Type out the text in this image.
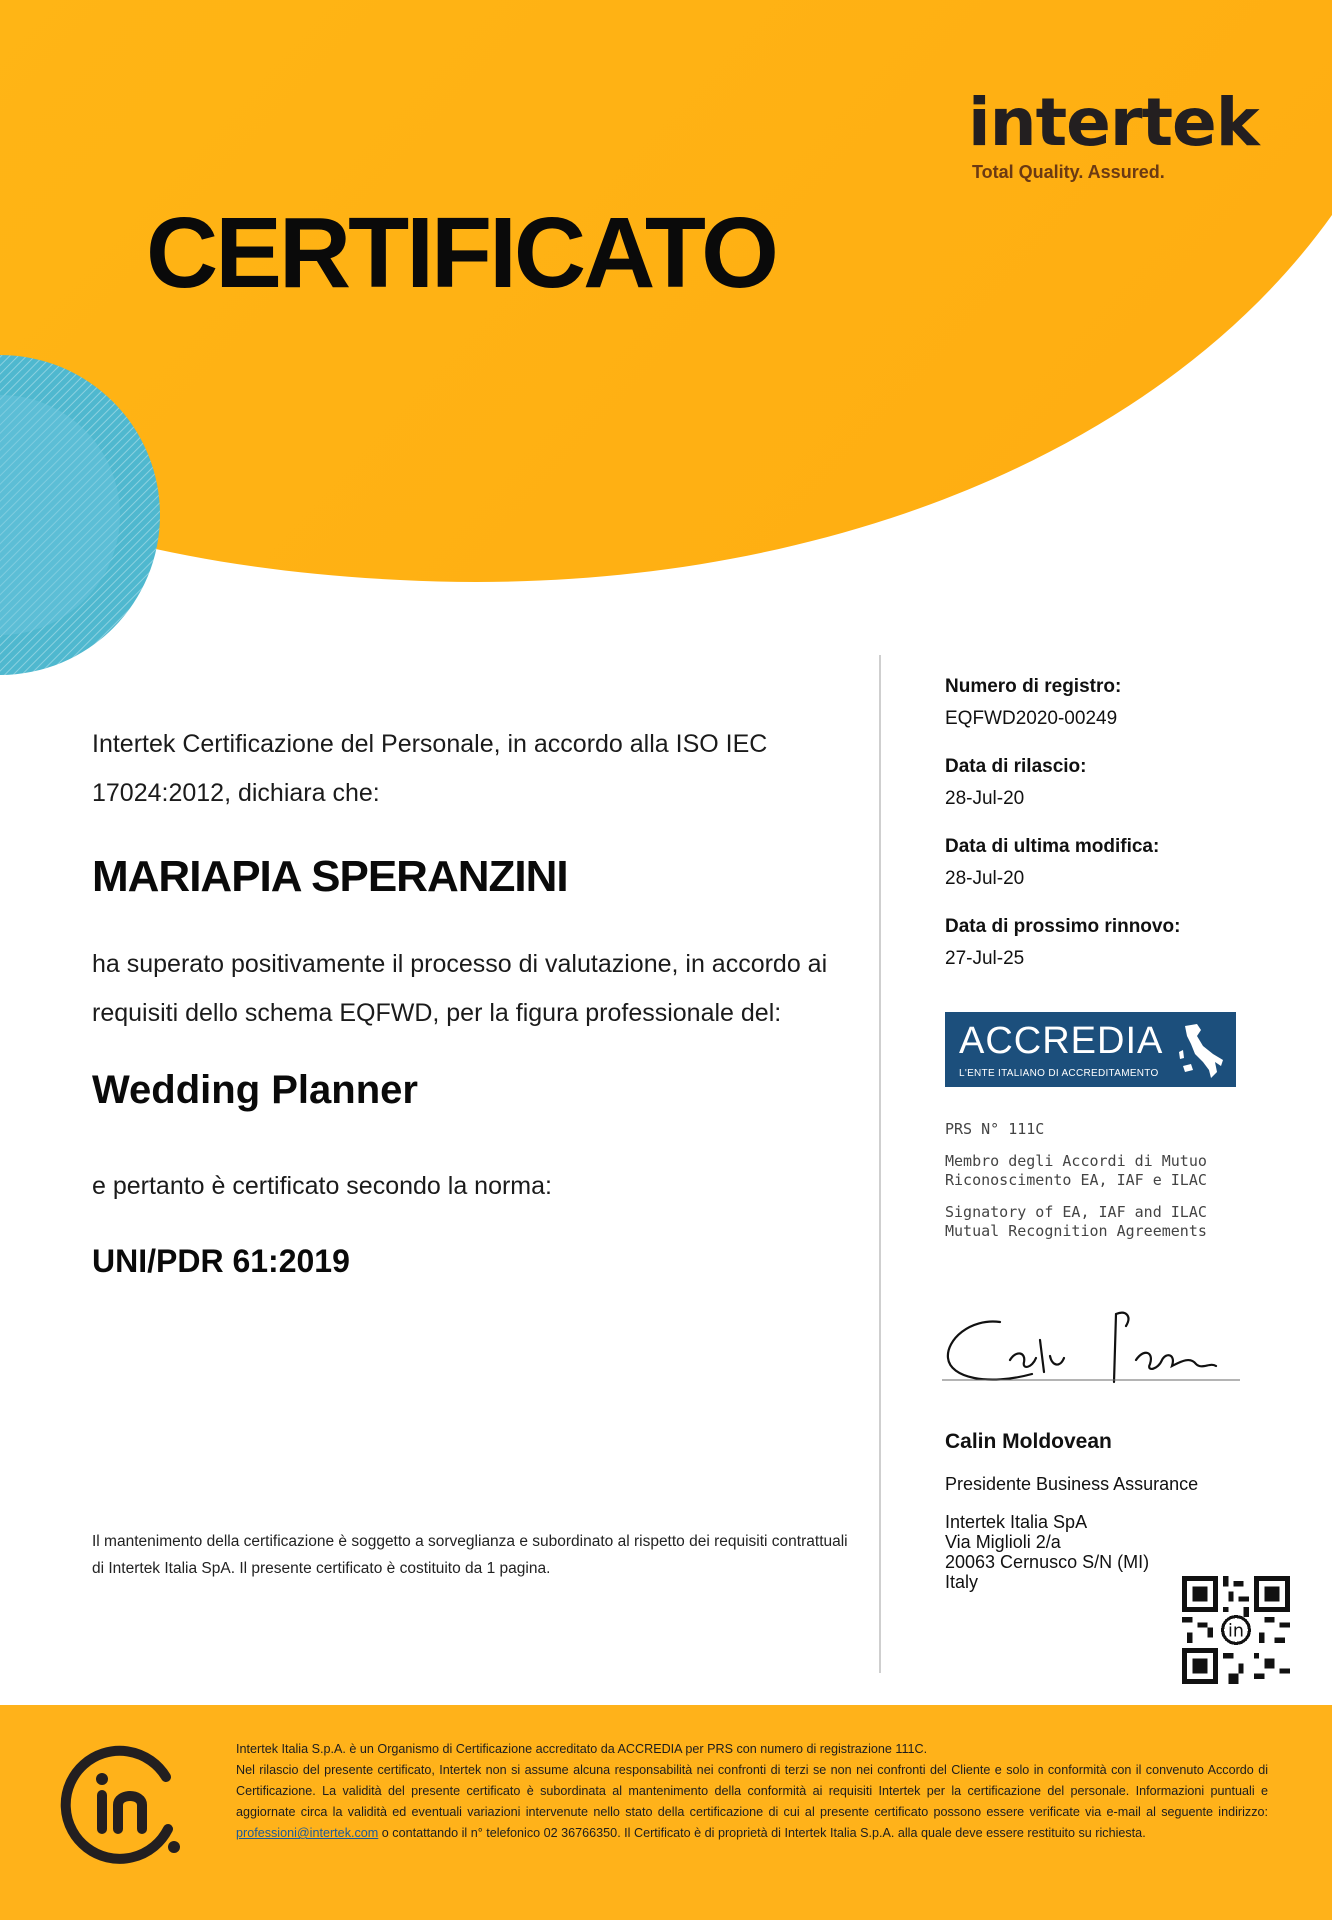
intertek
Total Quality. Assured.
CERTIFICATO
Intertek Certificazione del Personale, in accordo alla ISO IEC 17024:2012, dichiara che:
MARIAPIA SPERANZINI
ha superato positivamente il processo di valutazione, in accordo ai requisiti dello schema EQFWD, per la figura professionale del:
Wedding Planner
e pertanto è certificato secondo la norma:
UNI/PDR 61:2019
Il mantenimento della certificazione è soggetto a sorveglianza e subordinato al rispetto dei requisiti contrattuali di Intertek Italia SpA. Il presente certificato è costituito da 1 pagina.
Numero di registro:
EQFWD2020-00249
Data di rilascio:
28-Jul-20
Data di ultima modifica:
28-Jul-20
Data di prossimo rinnovo:
27-Jul-25
ACCREDIA
L'ENTE ITALIANO DI ACCREDITAMENTO
PRS N° 111C
Membro degli Accordi di Mutuo
Riconoscimento EA, IAF e ILAC
Signatory of EA, IAF and ILAC
Mutual Recognition Agreements
Calin Moldovean
Presidente Business Assurance
Intertek Italia SpA
Via Miglioli 2/a
20063 Cernusco S/N (MI)
Italy
in
Intertek Italia S.p.A. è un Organismo di Certificazione accreditato da ACCREDIA per PRS con numero di registrazione 111C.
Nel rilascio del presente certificato, Intertek non si assume alcuna responsabilità nei confronti di terzi se non nei confronti del Cliente e solo in conformità con il convenuto Accordo di Certificazione. La validità del presente certificato è subordinata al mantenimento della conformità ai requisiti Intertek per la certificazione del personale. Informazioni puntuali e aggiornate circa la validità ed eventuali variazioni intervenute nello stato della certificazione di cui al presente certificato possono essere verificate via e-mail al seguente indirizzo: professioni@intertek.com o contattando il n° telefonico 02 36766350. Il Certificato è di proprietà di Intertek Italia S.p.A. alla quale deve essere restituito su richiesta.
